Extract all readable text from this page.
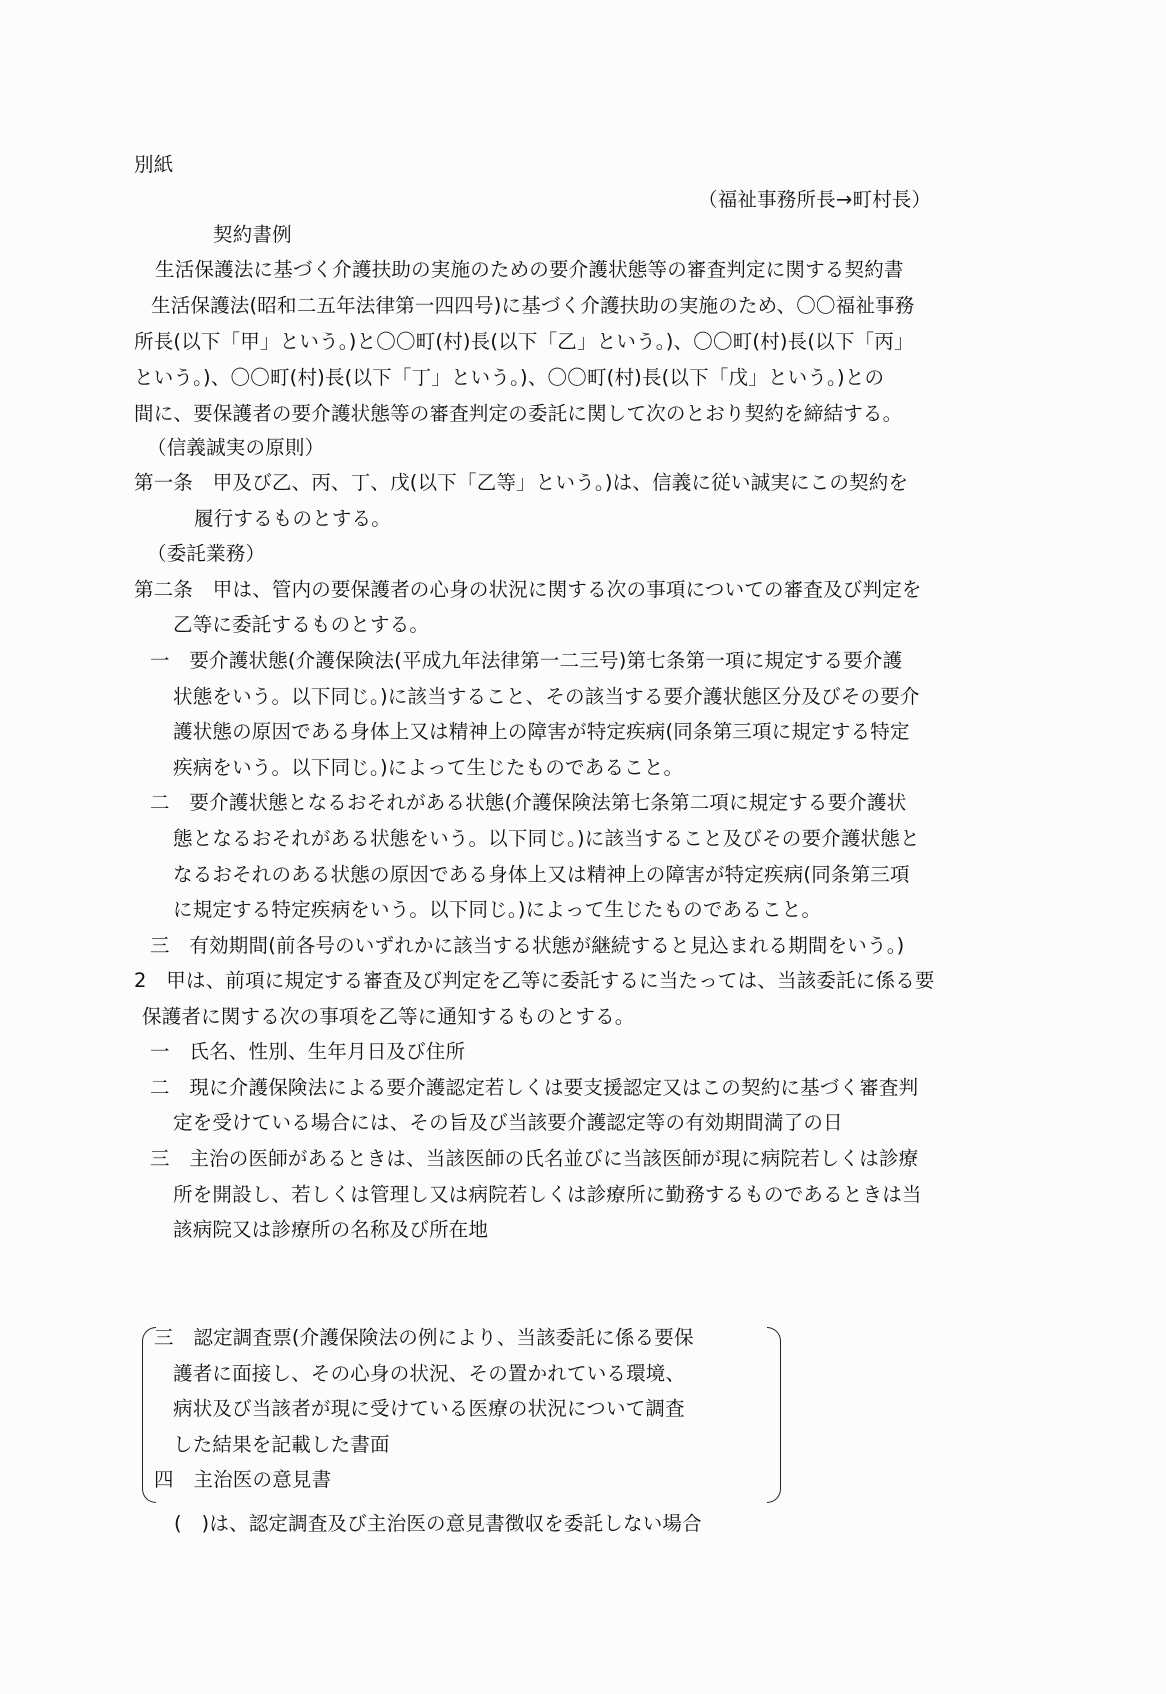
別紙
（福祉事務所長→町村長）
契約書例
生活保護法に基づく介護扶助の実施のための要介護状態等の審査判定に関する契約書
生活保護法(昭和二五年法律第一四四号)に基づく介護扶助の実施のため、〇〇福祉事務
所長(以下「甲」という。)と〇〇町(村)長(以下「乙」という。)、〇〇町(村)長(以下「丙」
という。)、〇〇町(村)長(以下「丁」という。)、〇〇町(村)長(以下「戊」という。)との
間に、要保護者の要介護状態等の審査判定の委託に関して次のとおり契約を締結する。
（信義誠実の原則）
第一条　甲及び乙、丙、丁、戊(以下「乙等」という。)は、信義に従い誠実にこの契約を
履行するものとする。
（委託業務）
第二条　甲は、管内の要保護者の心身の状況に関する次の事項についての審査及び判定を
乙等に委託するものとする。
一　要介護状態(介護保険法(平成九年法律第一二三号)第七条第一項に規定する要介護
状態をいう。以下同じ。)に該当すること、その該当する要介護状態区分及びその要介
護状態の原因である身体上又は精神上の障害が特定疾病(同条第三項に規定する特定
疾病をいう。以下同じ。)によって生じたものであること。
二　要介護状態となるおそれがある状態(介護保険法第七条第二項に規定する要介護状
態となるおそれがある状態をいう。以下同じ。)に該当すること及びその要介護状態と
なるおそれのある状態の原因である身体上又は精神上の障害が特定疾病(同条第三項
に規定する特定疾病をいう。以下同じ。)によって生じたものであること。
三　有効期間(前各号のいずれかに該当する状態が継続すると見込まれる期間をいう。)
2　甲は、前項に規定する審査及び判定を乙等に委託するに当たっては、当該委託に係る要
保護者に関する次の事項を乙等に通知するものとする。
一　氏名、性別、生年月日及び住所
二　現に介護保険法による要介護認定若しくは要支援認定又はこの契約に基づく審査判
定を受けている場合には、その旨及び当該要介護認定等の有効期間満了の日
三　主治の医師があるときは、当該医師の氏名並びに当該医師が現に病院若しくは診療
所を開設し、若しくは管理し又は病院若しくは診療所に勤務するものであるときは当
該病院又は診療所の名称及び所在地
三　認定調査票(介護保険法の例により、当該委託に係る要保
護者に面接し、その心身の状況、その置かれている環境、
病状及び当該者が現に受けている医療の状況について調査
した結果を記載した書面
四　主治医の意見書
(　)は、認定調査及び主治医の意見書徴収を委託しない場合
